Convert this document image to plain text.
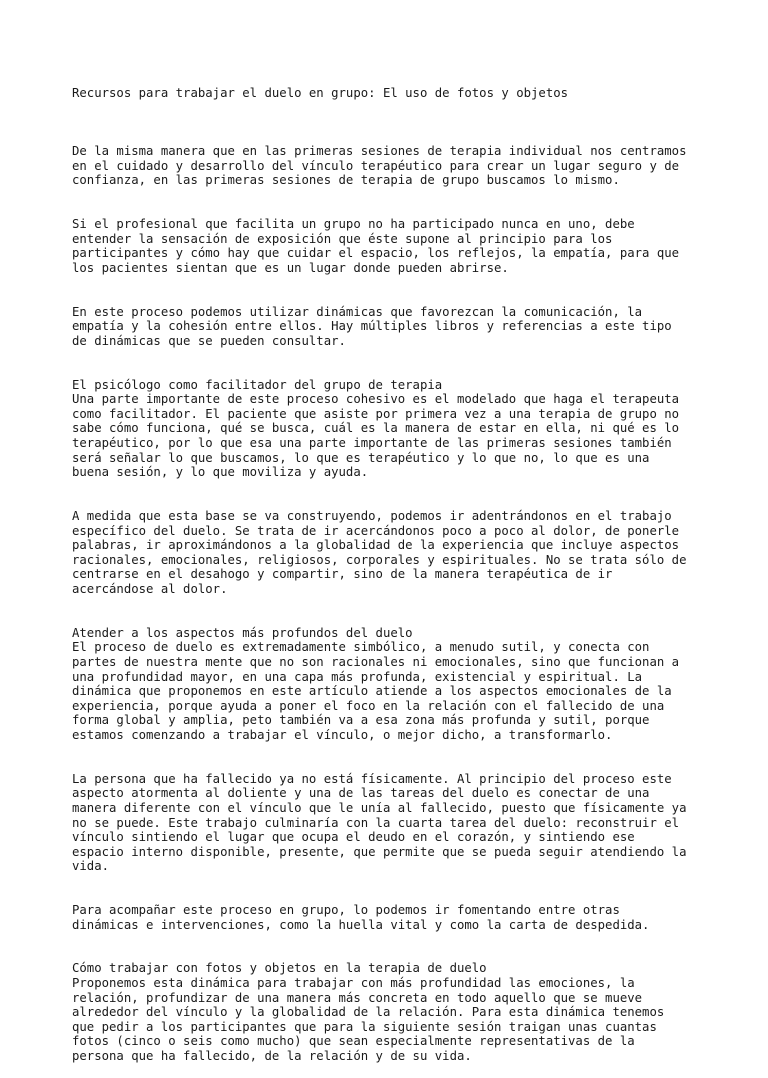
Recursos para trabajar el duelo en grupo: El uso de fotos y objetos

De la misma manera que en las primeras sesiones de terapia individual nos centramos
en el cuidado y desarrollo del vínculo terapéutico para crear un lugar seguro y de
confianza, en las primeras sesiones de terapia de grupo buscamos lo mismo.

Si el profesional que facilita un grupo no ha participado nunca en uno, debe
entender la sensación de exposición que éste supone al principio para los
participantes y cómo hay que cuidar el espacio, los reflejos, la empatía, para que
los pacientes sientan que es un lugar donde pueden abrirse.

En este proceso podemos utilizar dinámicas que favorezcan la comunicación, la
empatía y la cohesión entre ellos. Hay múltiples libros y referencias a este tipo
de dinámicas que se pueden consultar.

El psicólogo como facilitador del grupo de terapia
Una parte importante de este proceso cohesivo es el modelado que haga el terapeuta
como facilitador. El paciente que asiste por primera vez a una terapia de grupo no
sabe cómo funciona, qué se busca, cuál es la manera de estar en ella, ni qué es lo
terapéutico, por lo que esa una parte importante de las primeras sesiones también
será señalar lo que buscamos, lo que es terapéutico y lo que no, lo que es una
buena sesión, y lo que moviliza y ayuda.

A medida que esta base se va construyendo, podemos ir adentrándonos en el trabajo
específico del duelo. Se trata de ir acercándonos poco a poco al dolor, de ponerle
palabras, ir aproximándonos a la globalidad de la experiencia que incluye aspectos
racionales, emocionales, religiosos, corporales y espirituales. No se trata sólo de
centrarse en el desahogo y compartir, sino de la manera terapéutica de ir
acercándose al dolor.

Atender a los aspectos más profundos del duelo
El proceso de duelo es extremadamente simbólico, a menudo sutil, y conecta con
partes de nuestra mente que no son racionales ni emocionales, sino que funcionan a
una profundidad mayor, en una capa más profunda, existencial y espiritual. La
dinámica que proponemos en este artículo atiende a los aspectos emocionales de la
experiencia, porque ayuda a poner el foco en la relación con el fallecido de una
forma global y amplia, peto también va a esa zona más profunda y sutil, porque
estamos comenzando a trabajar el vínculo, o mejor dicho, a transformarlo.

La persona que ha fallecido ya no está físicamente. Al principio del proceso este
aspecto atormenta al doliente y una de las tareas del duelo es conectar de una
manera diferente con el vínculo que le unía al fallecido, puesto que físicamente ya
no se puede. Este trabajo culminaría con la cuarta tarea del duelo: reconstruir el
vínculo sintiendo el lugar que ocupa el deudo en el corazón, y sintiendo ese
espacio interno disponible, presente, que permite que se pueda seguir atendiendo la
vida.

Para acompañar este proceso en grupo, lo podemos ir fomentando entre otras
dinámicas e intervenciones, como la huella vital y como la carta de despedida.

Cómo trabajar con fotos y objetos en la terapia de duelo
Proponemos esta dinámica para trabajar con más profundidad las emociones, la
relación, profundizar de una manera más concreta en todo aquello que se mueve
alrededor del vínculo y la globalidad de la relación. Para esta dinámica tenemos
que pedir a los participantes que para la siguiente sesión traigan unas cuantas
fotos (cinco o seis como mucho) que sean especialmente representativas de la
persona que ha fallecido, de la relación y de su vida.
